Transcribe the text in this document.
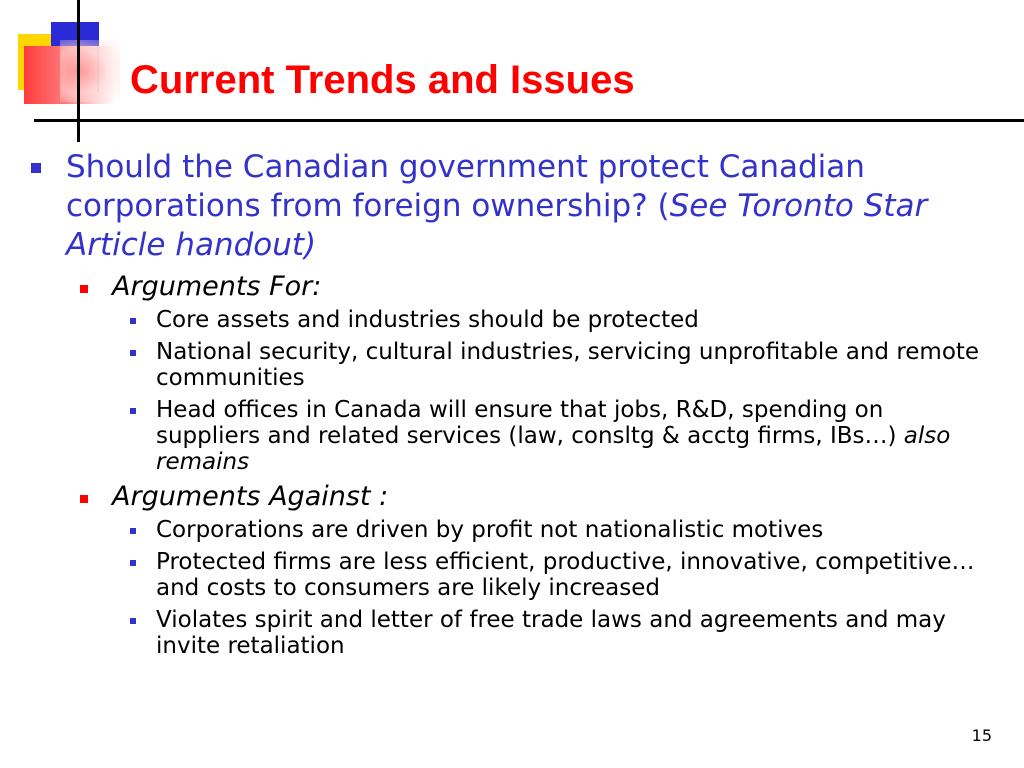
Current Trends and Issues

Should the Canadian government protect Canadian corporations from foreign ownership? (See Toronto Star Article handout)

Arguments For:

Core assets and industries should be protected

National security, cultural industries, servicing unprofitable and remote communities

Head offices in Canada will ensure that jobs, R&D, spending on suppliers and related services (law, consltg & acctg firms, IBs…) also remains

Arguments Against :

Corporations are driven by profit not nationalistic motives

Protected firms are less efficient, productive, innovative, competitive… and costs to consumers are likely increased

Violates spirit and letter of free trade laws and agreements and may invite retaliation

15
